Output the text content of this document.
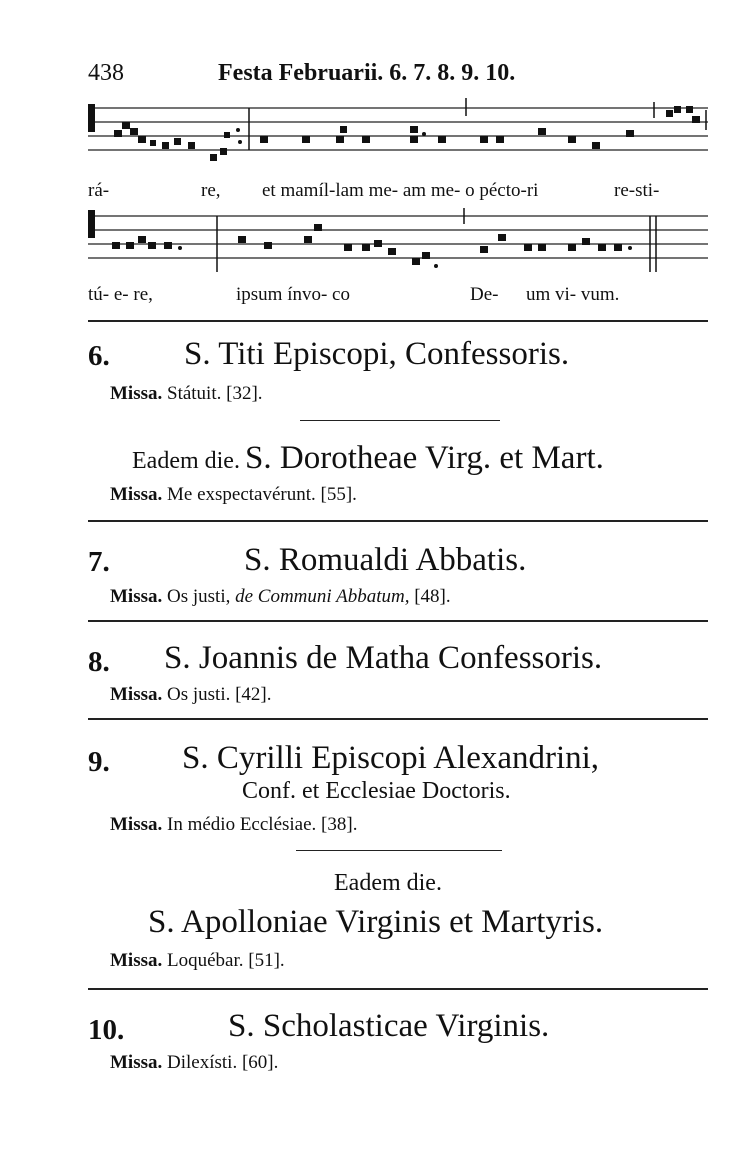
438	Festa Februarii. 6. 7. 8. 9. 10.
rá-	re, et mamíl-lam me- am me- o pécto-ri	re-sti-
tú- e- re,	ipsum ínvo- co	De- um vi- vum.
6. S. Titi Episcopi, Confessoris.
Missa. Státuit. [32].
Eadem die. S. Dorotheae Virg. et Mart.
Missa. Me exspectavérunt. [55].
7.	S. Romualdi Abbatis.
Missa. Os justi, de Communi Abbatum, [48].
8. S. Joannis de Matha Confessoris.
Missa. Os justi. [42].
9. S. Cyrilli Episcopi Alexandrini,
Conf. et Ecclesiae Doctoris.
Missa. In médio Ecclésiae. [38].
Eadem die.
S. Apolloniae Virginis et Martyris.
Missa. Loquébar. [51].
10.	S. Scholasticae Virginis.
Missa. Dilexísti. [60].
